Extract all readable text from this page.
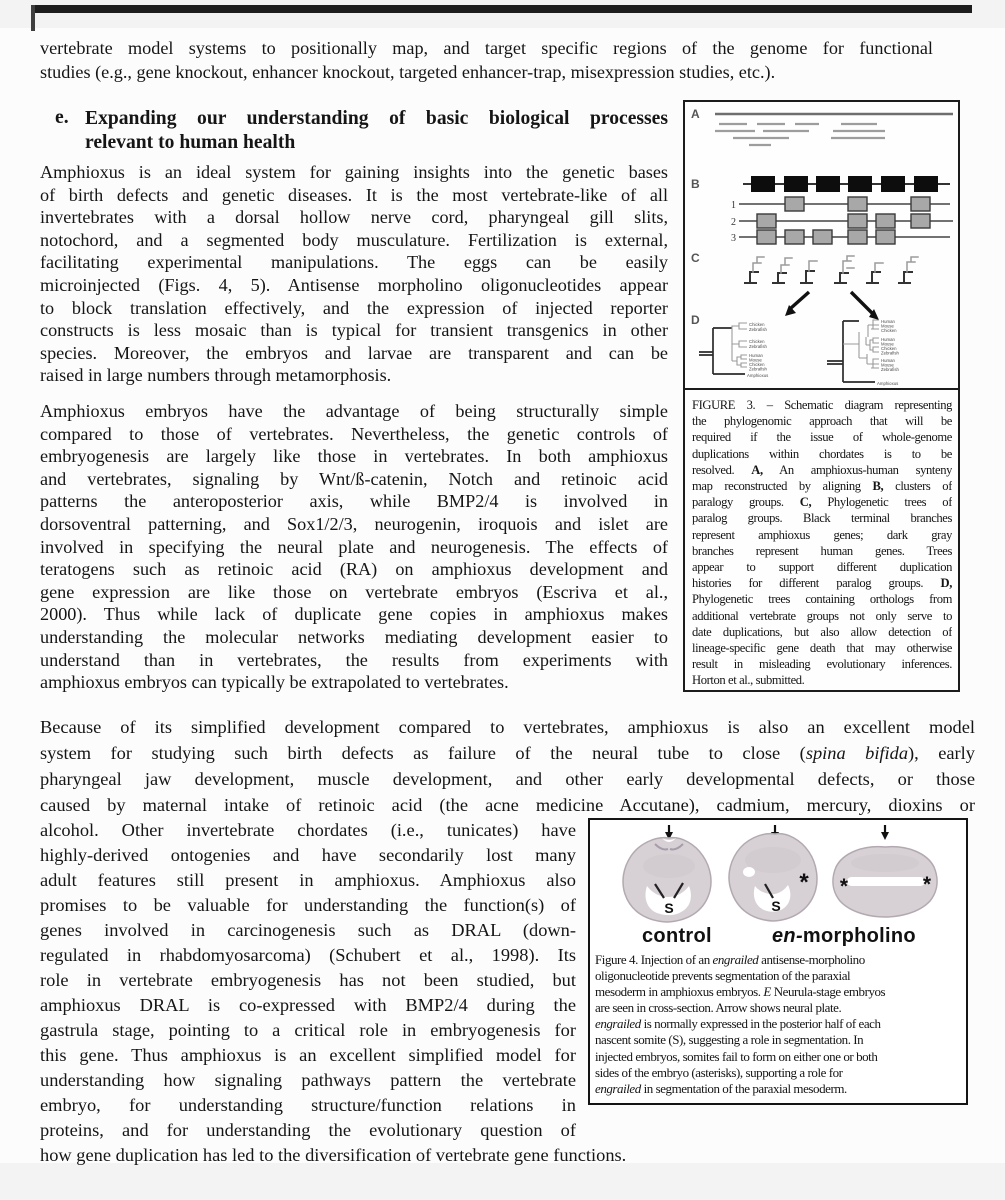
vertebrate model systems to positionally map, and target specific regions of the genome for functional
studies (e.g., gene knockout, enhancer knockout, targeted enhancer-trap, misexpression studies, etc.).
e. Expanding our understanding of basic biological processes
relevant to human health
Amphioxus is an ideal system for gaining insights into the genetic bases
of birth defects and genetic diseases. It is the most vertebrate-like of all
invertebrates with a dorsal hollow nerve cord, pharyngeal gill slits,
notochord, and a segmented body musculature. Fertilization is external,
facilitating experimental manipulations. The eggs can be easily
microinjected (Figs. 4, 5). Antisense morpholino oligonucleotides appear
to block translation effectively, and the expression of injected reporter
constructs is less mosaic than is typical for transient transgenics in other
species. Moreover, the embryos and larvae are transparent and can be
raised in large numbers through metamorphosis.
Amphioxus embryos have the advantage of being structurally simple
compared to those of vertebrates. Nevertheless, the genetic controls of
embryogenesis are largely like those in vertebrates. In both amphioxus
and vertebrates, signaling by Wnt/ß-catenin, Notch and retinoic acid
patterns the anteroposterior axis, while BMP2/4 is involved in
dorsoventral patterning, and Sox1/2/3, neurogenin, iroquois and islet are
involved in specifying the neural plate and neurogenesis. The effects of
teratogens such as retinoic acid (RA) on amphioxus development and
gene expression are like those on vertebrate embryos (Escriva et al.,
2000). Thus while lack of duplicate gene copies in amphioxus makes
understanding the molecular networks mediating development easier to
understand than in vertebrates, the results from experiments with
amphioxus embryos can typically be extrapolated to vertebrates.
Because of its simplified development compared to vertebrates, amphioxus is also an excellent model
system for studying such birth defects as failure of the neural tube to close (spina bifida), early
pharyngeal jaw development, muscle development, and other early developmental defects, or those
caused by maternal intake of retinoic acid (the acne medicine Accutane), cadmium, mercury, dioxins or
S	S
* *	*
control	en-morpholino
Figure 4. Injection of an engrailed antisense-morpholino
oligonucleotide prevents segmentation of the paraxial
mesoderm in amphioxus embryos. E Neurula-stage embryos
are seen in cross-section. Arrow shows neural plate.
engrailed is normally expressed in the posterior half of each
nascent somite (S), suggesting a role in segmentation. In
injected embryos, somites fail to form on either one or both
sides of the embryo (asterisks), supporting a role for
engrailed in segmentation of the paraxial mesoderm.
alcohol. Other invertebrate chordates (i.e., tunicates) have
highly-derived ontogenies and have secondarily lost many
adult features still present in amphioxus. Amphioxus also
promises to be valuable for understanding the function(s) of
genes involved in carcinogenesis such as DRAL (down-
regulated in rhabdomyosarcoma) (Schubert et al., 1998). Its
role in vertebrate embryogenesis has not been studied, but
amphioxus DRAL is co-expressed with BMP2/4 during the
gastrula stage, pointing to a critical role in embryogenesis for
this gene. Thus amphioxus is an excellent simplified model for
understanding how signaling pathways pattern the vertebrate
embryo, for understanding structure/function relations in
proteins, and for understanding the evolutionary question of
how gene duplication has led to the diversification of vertebrate gene functions.
A
B
1
2
3
C
D	Chicken
Zebrafish
Chicken
Zebrafish
Human
Mouse
Chicken
Zebrafish
Amphioxus
Human
Mouse
Chicken
Human
Mouse
Chicken
Zebrafish
Human
Mouse
Zebrafish
Amphioxus
FIGURE 3. – Schematic diagram representing
the phylogenomic approach that will be
required if the issue of whole-genome
duplications within chordates is to be
resolved. A, An amphioxus-human synteny
map reconstructed by aligning B, clusters of
paralogy groups. C, Phylogenetic trees of
paralog groups. Black terminal branches
represent amphioxus genes; dark gray
branches represent human genes. Trees
appear to support different duplication
histories for different paralog groups. D,
Phylogenetic trees containing orthologs from
additional vertebrate groups not only serve to
date duplications, but also allow detection of
lineage-specific gene death that may otherwise
result in misleading evolutionary inferences.
Horton et al., submitted.
